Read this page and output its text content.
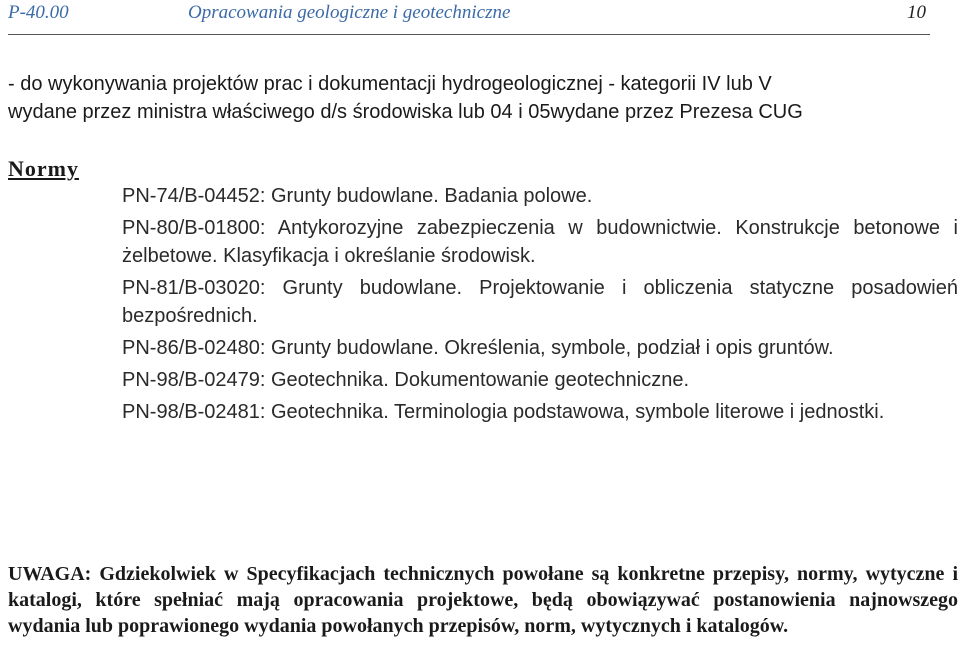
P-40.00	Opracowania geologiczne i geotechniczne	10
- do wykonywania projektów prac i dokumentacji hydrogeologicznej - kategorii IV lub V
wydane przez ministra właściwego d/s środowiska lub 04 i 05wydane przez Prezesa CUG
Normy

PN-74/B-04452: Grunty budowlane. Badania polowe.

PN-80/B-01800: Antykorozyjne zabezpieczenia w budownictwie. Konstrukcje betonowe i żelbetowe. Klasyfikacja i określanie środowisk.

PN-81/B-03020: Grunty budowlane. Projektowanie i obliczenia statyczne posadowień bezpośrednich.

PN-86/B-02480: Grunty budowlane. Określenia, symbole, podział i opis gruntów.

PN-98/B-02479: Geotechnika. Dokumentowanie geotechniczne.

PN-98/B-02481: Geotechnika. Terminologia podstawowa, symbole literowe i jednostki.

UWAGA: Gdziekolwiek w Specyfikacjach technicznych powołane są konkretne przepisy, normy, wytyczne i katalogi, które spełniać mają opracowania projektowe, będą obowiązywać postanowienia najnowszego wydania lub poprawionego wydania powołanych przepisów, norm, wytycznych i katalogów.
